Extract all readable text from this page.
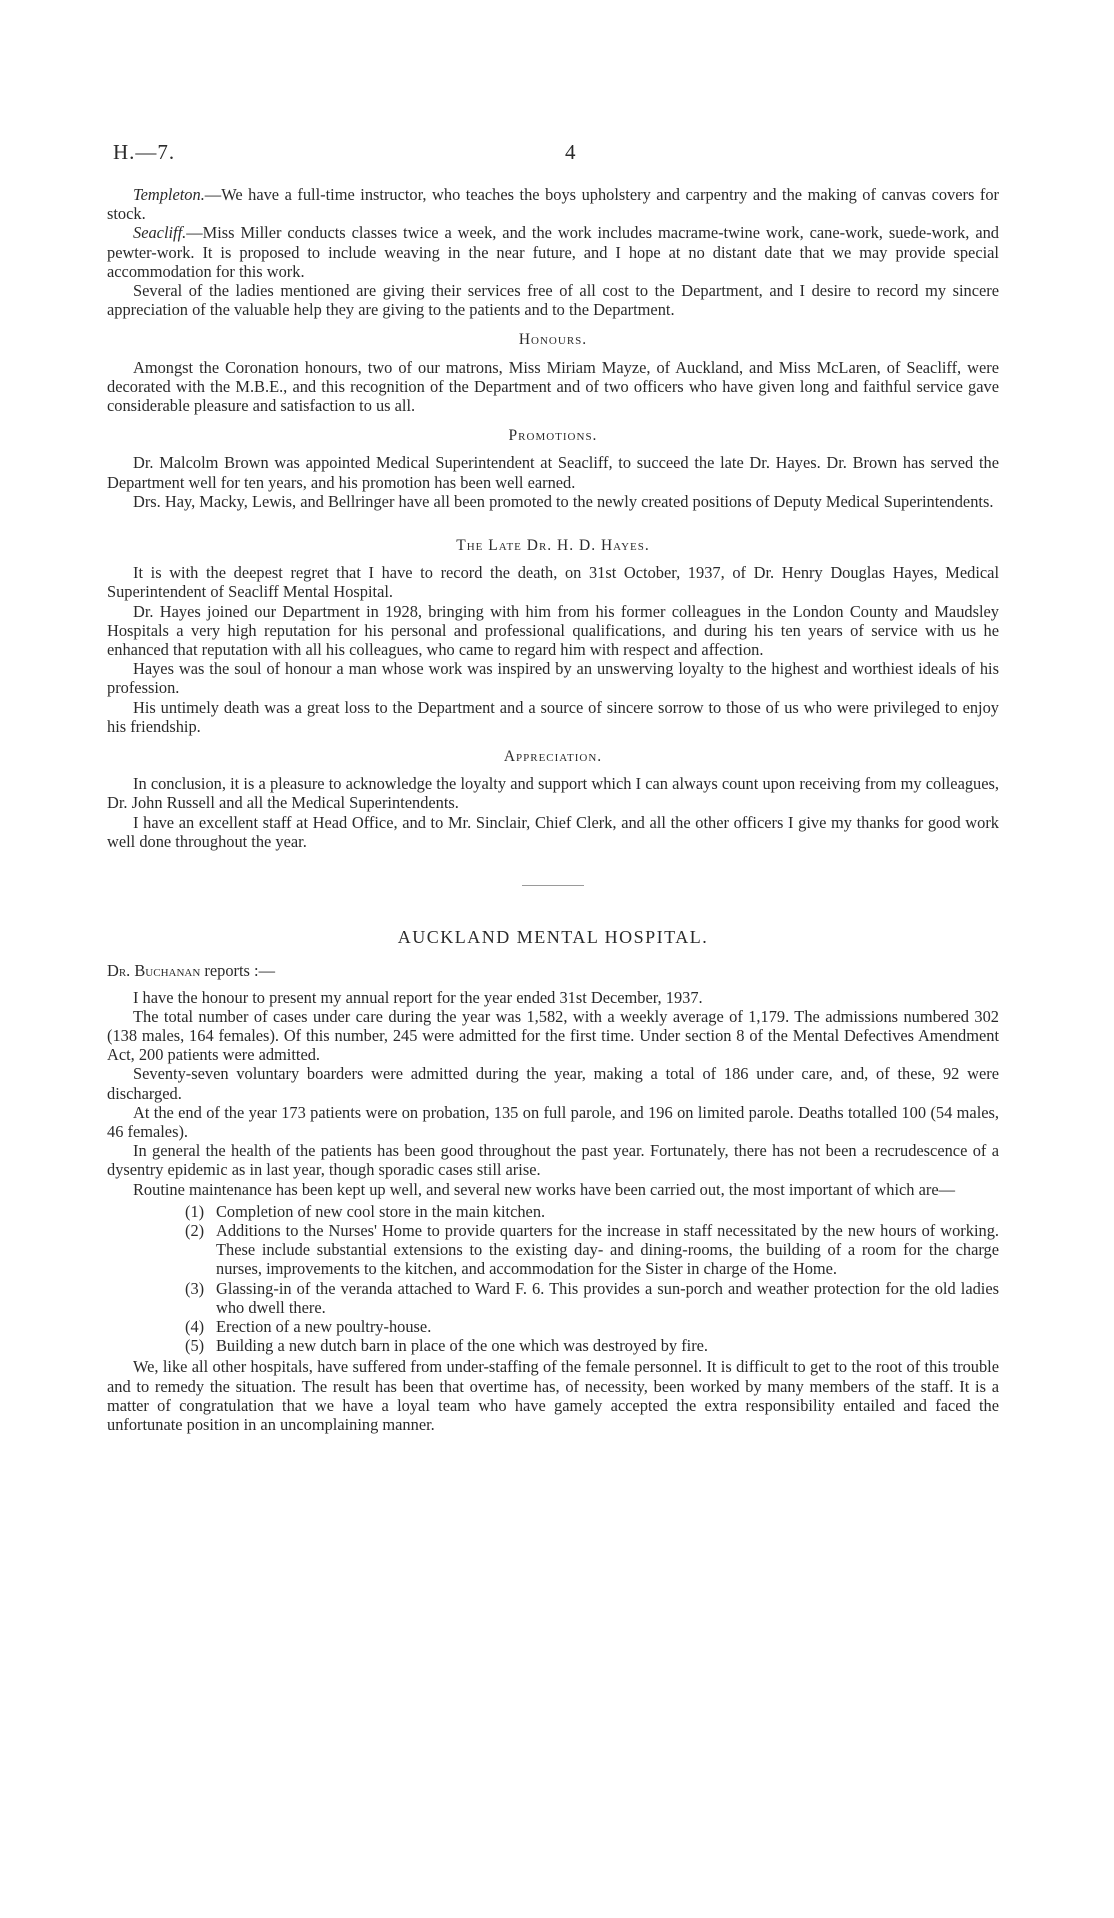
H.—7.	4

Templeton.—We have a full-time instructor, who teaches the boys upholstery and carpentry and the making of canvas covers for stock.

Seacliff.—Miss Miller conducts classes twice a week, and the work includes macrame-twine work, cane-work, suede-work, and pewter-work. It is proposed to include weaving in the near future, and I hope at no distant date that we may provide special accommodation for this work.

Several of the ladies mentioned are giving their services free of all cost to the Department, and I desire to record my sincere appreciation of the valuable help they are giving to the patients and to the Department.

Honours.

Amongst the Coronation honours, two of our matrons, Miss Miriam Mayze, of Auckland, and Miss McLaren, of Seacliff, were decorated with the M.B.E., and this recognition of the Department and of two officers who have given long and faithful service gave considerable pleasure and satisfaction to us all.

Promotions.

Dr. Malcolm Brown was appointed Medical Superintendent at Seacliff, to succeed the late Dr. Hayes. Dr. Brown has served the Department well for ten years, and his promotion has been well earned.

Drs. Hay, Macky, Lewis, and Bellringer have all been promoted to the newly created positions of Deputy Medical Superintendents.

The Late Dr. H. D. Hayes.

It is with the deepest regret that I have to record the death, on 31st October, 1937, of Dr. Henry Douglas Hayes, Medical Superintendent of Seacliff Mental Hospital.

Dr. Hayes joined our Department in 1928, bringing with him from his former colleagues in the London County and Maudsley Hospitals a very high reputation for his personal and professional qualifications, and during his ten years of service with us he enhanced that reputation with all his colleagues, who came to regard him with respect and affection.

Hayes was the soul of honour a man whose work was inspired by an unswerving loyalty to the highest and worthiest ideals of his profession.

His untimely death was a great loss to the Department and a source of sincere sorrow to those of us who were privileged to enjoy his friendship.

Appreciation.

In conclusion, it is a pleasure to acknowledge the loyalty and support which I can always count upon receiving from my colleagues, Dr. John Russell and all the Medical Superintendents.

I have an excellent staff at Head Office, and to Mr. Sinclair, Chief Clerk, and all the other officers I give my thanks for good work well done throughout the year.

AUCKLAND MENTAL HOSPITAL.

Dr. Buchanan reports :—

I have the honour to present my annual report for the year ended 31st December, 1937.

The total number of cases under care during the year was 1,582, with a weekly average of 1,179. The admissions numbered 302 (138 males, 164 females). Of this number, 245 were admitted for the first time. Under section 8 of the Mental Defectives Amendment Act, 200 patients were admitted.

Seventy-seven voluntary boarders were admitted during the year, making a total of 186 under care, and, of these, 92 were discharged.

At the end of the year 173 patients were on probation, 135 on full parole, and 196 on limited parole. Deaths totalled 100 (54 males, 46 females).

In general the health of the patients has been good throughout the past year. Fortunately, there has not been a recrudescence of a dysentry epidemic as in last year, though sporadic cases still arise.

Routine maintenance has been kept up well, and several new works have been carried out, the most important of which are—

(1) Completion of new cool store in the main kitchen.
(2) Additions to the Nurses' Home to provide quarters for the increase in staff necessitated by the new hours of working. These include substantial extensions to the existing day- and dining-rooms, the building of a room for the charge nurses, improvements to the kitchen, and accommodation for the Sister in charge of the Home.
(3) Glassing-in of the veranda attached to Ward F. 6. This provides a sun-porch and weather protection for the old ladies who dwell there.
(4) Erection of a new poultry-house.
(5) Building a new dutch barn in place of the one which was destroyed by fire.

We, like all other hospitals, have suffered from under-staffing of the female personnel. It is difficult to get to the root of this trouble and to remedy the situation. The result has been that overtime has, of necessity, been worked by many members of the staff. It is a matter of congratulation that we have a loyal team who have gamely accepted the extra responsibility entailed and faced the unfortunate position in an uncomplaining manner.
